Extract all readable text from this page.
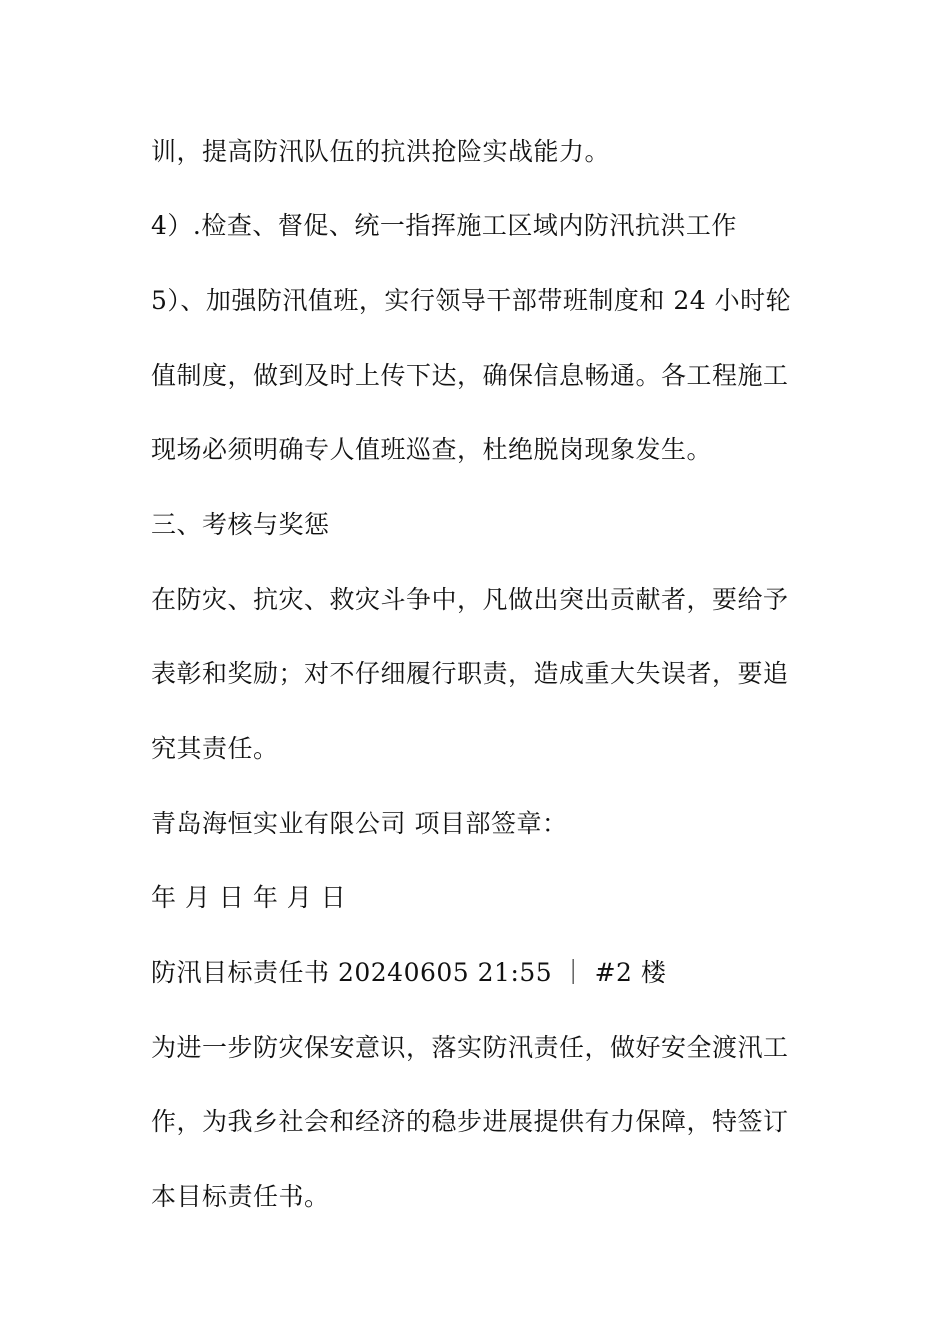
训，提高防汛队伍的抗洪抢险实战能力。
4）.检查、督促、统一指挥施工区域内防汛抗洪工作
5）、加强防汛值班，实行领导干部带班制度和 24 小时轮
值制度，做到及时上传下达，确保信息畅通。各工程施工
现场必须明确专人值班巡查，杜绝脱岗现象发生。
三、考核与奖惩
在防灾、抗灾、救灾斗争中，凡做出突出贡献者，要给予
表彰和奖励；对不仔细履行职责，造成重大失误者，要追
究其责任。
青岛海恒实业有限公司 项目部签章：
年 月 日 年 月 日
防汛目标责任书 20240605 21:55 ｜ #2 楼
为进一步防灾保安意识，落实防汛责任，做好安全渡汛工
作，为我乡社会和经济的稳步进展提供有力保障，特签订
本目标责任书。
